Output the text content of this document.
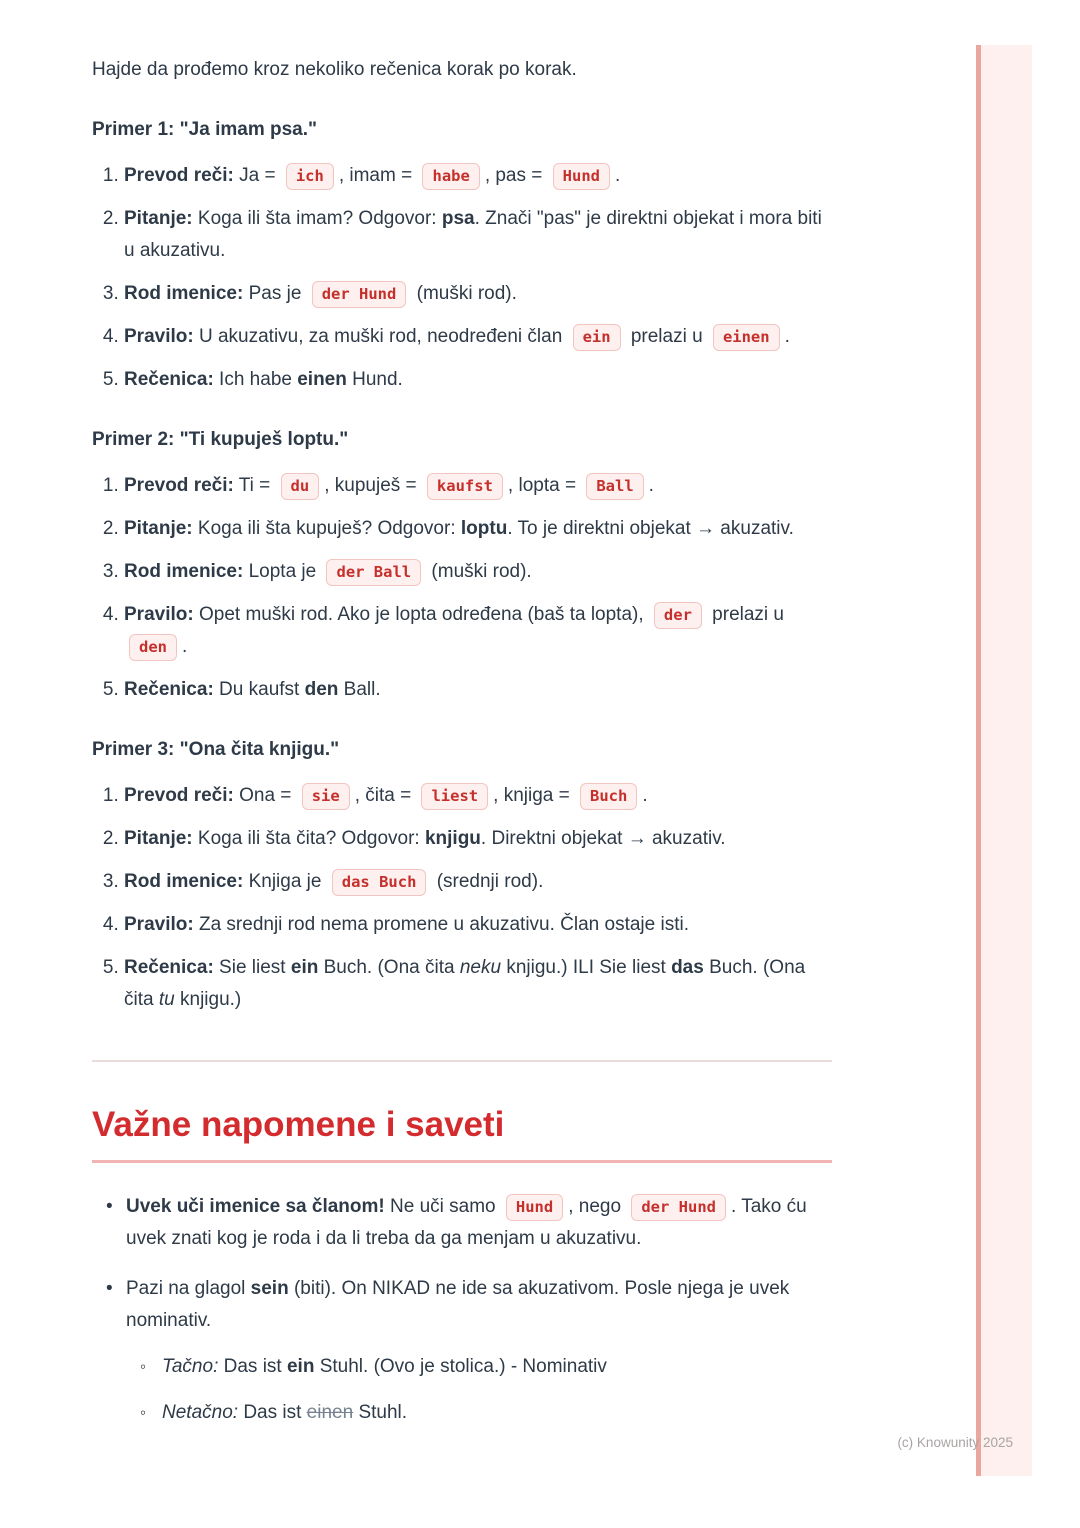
Hajde da prođemo kroz nekoliko rečenica korak po korak.

Primer 1: "Ja imam psa."
1. Prevod reči: Ja = ich , imam = habe , pas = Hund .
2. Pitanje: Koga ili šta imam? Odgovor: psa. Znači "pas" je direktni objekat i mora biti u akuzativu.
3. Rod imenice: Pas je der Hund (muški rod).
4. Pravilo: U akuzativu, za muški rod, neodređeni član ein prelazi u einen .
5. Rečenica: Ich habe einen Hund.
Primer 2: "Ti kupuješ loptu."
1. Prevod reči: Ti = du , kupuješ = kaufst , lopta = Ball .
2. Pitanje: Koga ili šta kupuješ? Odgovor: loptu. To je direktni objekat → akuzativ.
3. Rod imenice: Lopta je der Ball (muški rod).
4. Pravilo: Opet muški rod. Ako je lopta određena (baš ta lopta), der prelazi u den .
5. Rečenica: Du kaufst den Ball.
Primer 3: "Ona čita knjigu."
1. Prevod reči: Ona = sie , čita = liest , knjiga = Buch .
2. Pitanje: Koga ili šta čita? Odgovor: knjigu. Direktni objekat → akuzativ.
3. Rod imenice: Knjiga je das Buch (srednji rod).
4. Pravilo: Za srednji rod nema promene u akuzativu. Član ostaje isti.
5. Rečenica: Sie liest ein Buch. (Ona čita neku knjigu.) ILI Sie liest das Buch. (Ona čita tu knjigu.)
Važne napomene i saveti
• Uvek uči imenice sa članom! Ne uči samo Hund , nego der Hund . Tako ću uvek znati kog je roda i da li treba da ga menjam u akuzativu.
• Pazi na glagol sein (biti). On NIKAD ne ide sa akuzativom. Posle njega je uvek nominativ.
◦ Tačno: Das ist ein Stuhl. (Ovo je stolica.) - Nominativ
◦ Netačno: Das ist einen Stuhl.
(c) Knowunity 2025
